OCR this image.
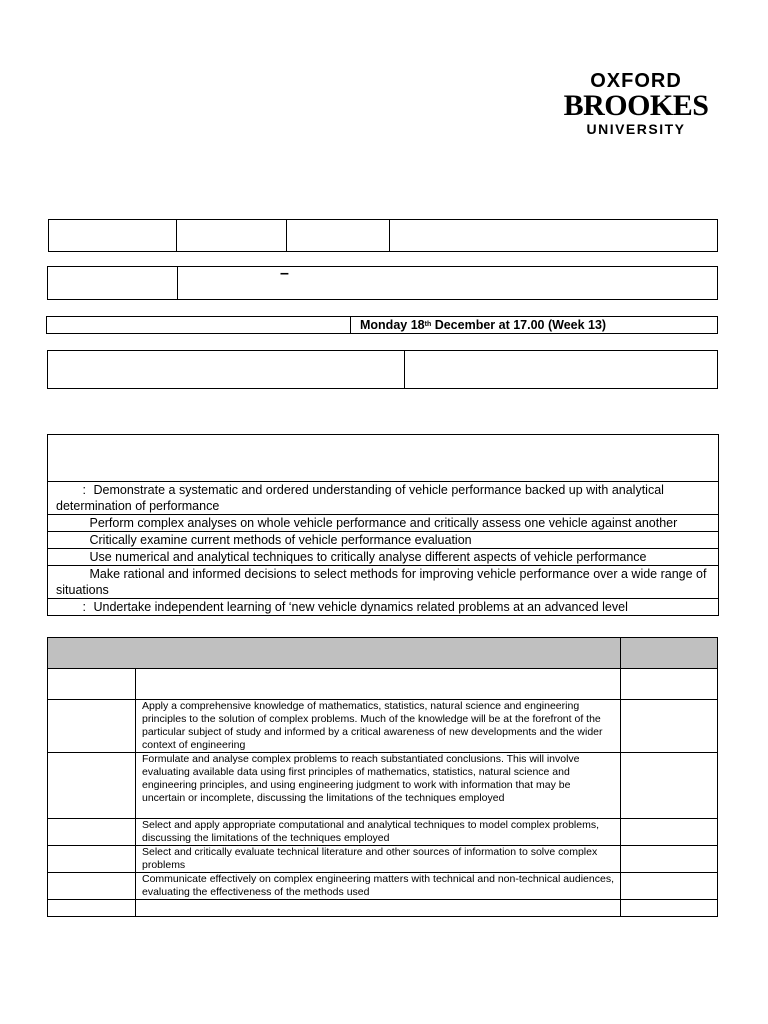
OXFORD
BROOKES
UNIVERSITY
–
Monday 18th December at 17.00 (Week 13)

: Demonstrate a systematic and ordered understanding of vehicle performance backed up with analytical determination of performance
Perform complex analyses on whole vehicle performance and critically assess one vehicle against another
Critically examine current methods of vehicle performance evaluation
Use numerical and analytical techniques to critically analyse different aspects of vehicle performance
Make rational and informed decisions to select methods for improving vehicle performance over a wide range of situations
: Undertake independent learning of ‘new vehicle dynamics related problems at an advanced level

	Apply a comprehensive knowledge of mathematics, statistics, natural science and engineering principles to the solution of complex problems. Much of the knowledge will be at the forefront of the particular subject of study and informed by a critical awareness of new developments and the wider context of engineering	
	Formulate and analyse complex problems to reach substantiated conclusions. This will involve evaluating available data using first principles of mathematics, statistics, natural science and engineering principles, and using engineering judgment to work with information that may be uncertain or incomplete, discussing the limitations of the techniques employed	
	Select and apply appropriate computational and analytical techniques to model complex problems, discussing the limitations of the techniques employed	
	Select and critically evaluate technical literature and other sources of information to solve complex problems	
	Communicate effectively on complex engineering matters with technical and non-technical audiences, evaluating the effectiveness of the methods used	
